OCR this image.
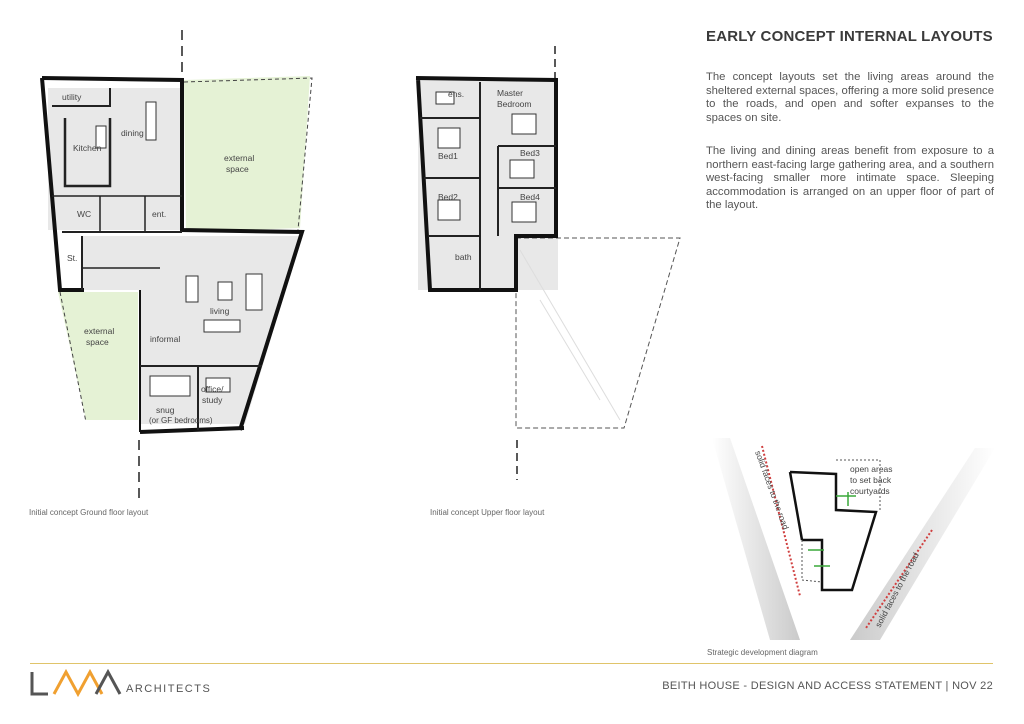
EARLY CONCEPT INTERNAL LAYOUTS
The concept layouts set the living areas around the sheltered external spaces, offering a more solid presence to the roads, and open and softer expanses to the spaces on site.
The living and dining areas benefit from exposure to a northern east-facing large gathering area, and a southern west-facing smaller more intimate space. Sleeping accommodation is arranged on an upper floor of part of the layout.
utility
Kitchen
dining
external
space
WC	ent.
St.
living
informal
external
space
office/
study
snug
(or GF bedrooms)
ens.	Master
Bedroom
Bed1
Bed2
Bed3
Bed4
bath
open areas
to set back
courtyards
solid faces to the road
solid faces to the road
Initial concept Ground floor layout	Initial concept Upper floor layout
Strategic development diagram
ARCHITECTS	BEITH HOUSE - DESIGN AND ACCESS STATEMENT | NOV 22
